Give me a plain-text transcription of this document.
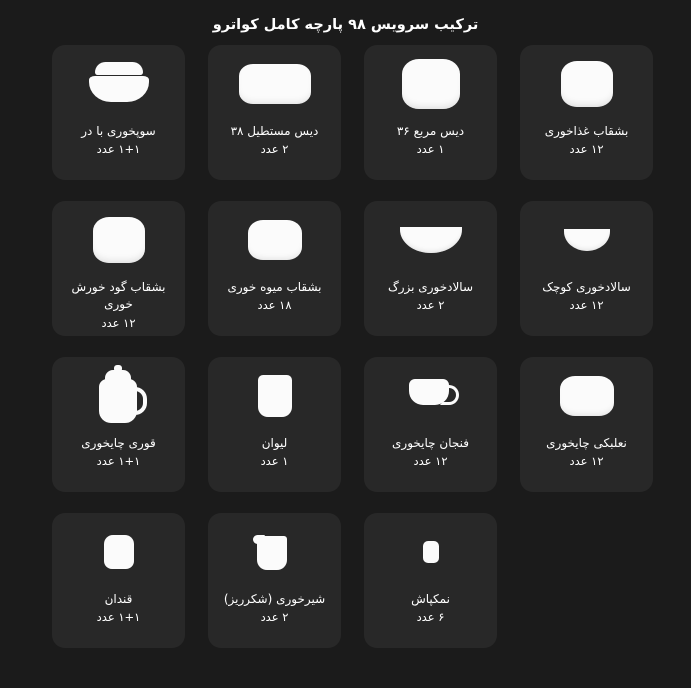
ترکیب سرویس ۹۸ پارچه کامل کواترو
بشقاب غذاخوری
۱۲ عدد
دیس مربع ۳۶
۱ عدد
دیس مستطیل ۳۸
۲ عدد
سوپخوری با در
۱+۱ عدد
سالادخوری کوچک
۱۲ عدد
سالادخوری بزرگ
۲ عدد
بشقاب میوه خوری
۱۸ عدد
بشقاب گود خورش خوری
۱۲ عدد
نعلبکی چایخوری
۱۲ عدد
فنجان چایخوری
۱۲ عدد
لیوان
۱ عدد
قوری چایخوری
۱+۱ عدد
نمکپاش
۶ عدد
شیرخوری (شکرریز)
۲ عدد
قندان
۱+۱ عدد
